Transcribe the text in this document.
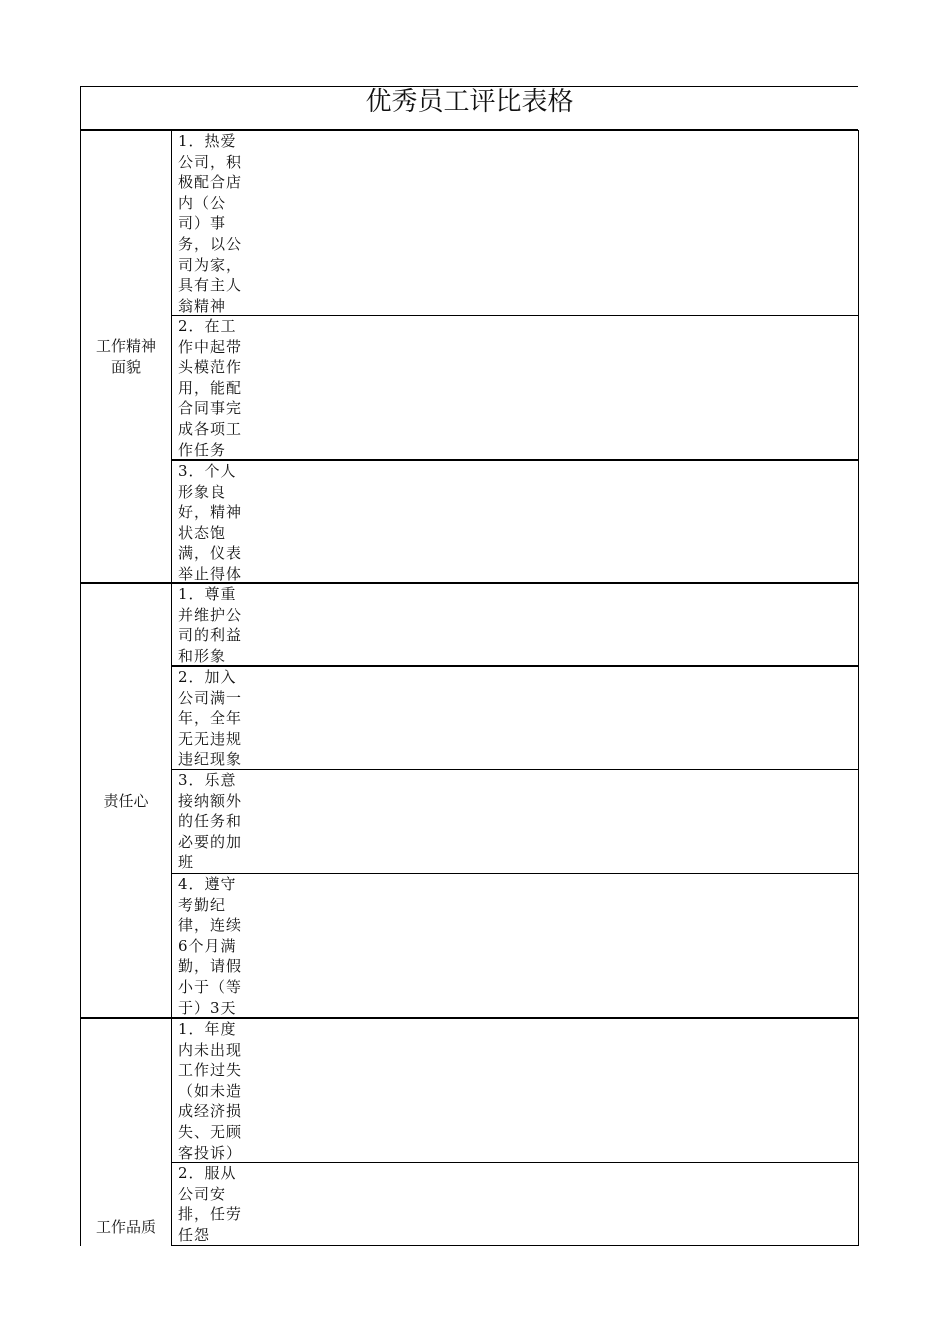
优秀员工评比表格
工作精神面貌
1．热爱公司，积极配合店内（公司）事务，以公司为家，具有主人翁精神
2．在工作中起带头模范作用，能配合同事完成各项工作任务
3．个人形象良好，精神状态饱满，仪表举止得体
责任心
1．尊重并维护公司的利益和形象
2．加入公司满一年，全年无无违规违纪现象
3．乐意接纳额外的任务和必要的加班
4．遵守考勤纪律，连续6个月满勤，请假小于（等于）3天
工作品质
1．年度内未出现工作过失（如未造成经济损失、无顾客投诉）
2．服从公司安排，任劳任怨
